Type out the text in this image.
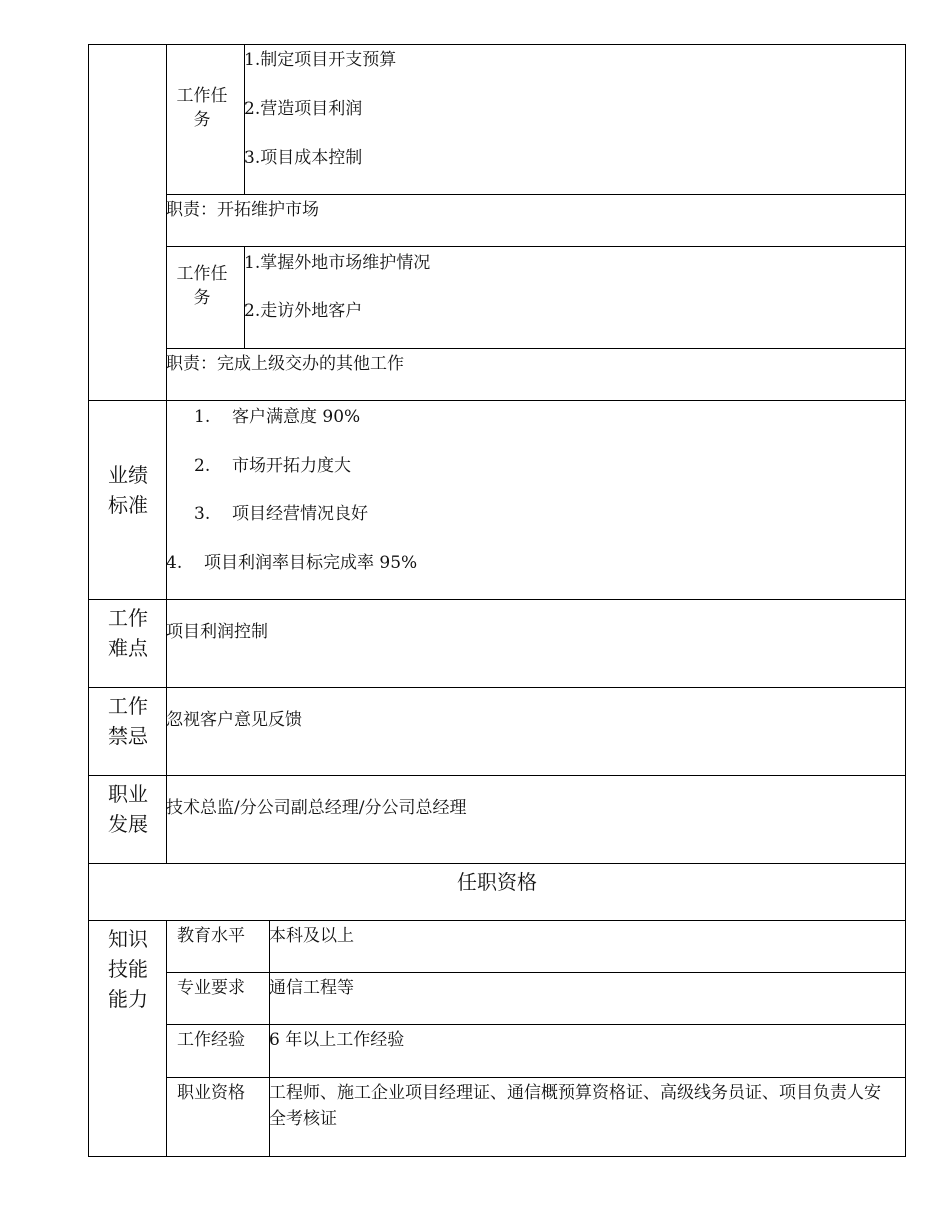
工作任务
1.制定项目开支预算
2.营造项目利润
3.项目成本控制
职责：开拓维护市场
工作任务
1.掌握外地市场维护情况
2.走访外地客户
职责：完成上级交办的其他工作
业绩标准
1. 客户满意度 90%
2. 市场开拓力度大
3. 项目经营情况良好
4. 项目利润率目标完成率 95%
工作难点
项目利润控制
工作禁忌
忽视客户意见反馈
职业发展
技术总监/分公司副总经理/分公司总经理
任职资格
知识技能能力
教育水平 本科及以上
专业要求 通信工程等
工作经验 6 年以上工作经验
职业资格 工程师、施工企业项目经理证、通信概预算资格证、高级线务员证、项目负责人安全考核证
